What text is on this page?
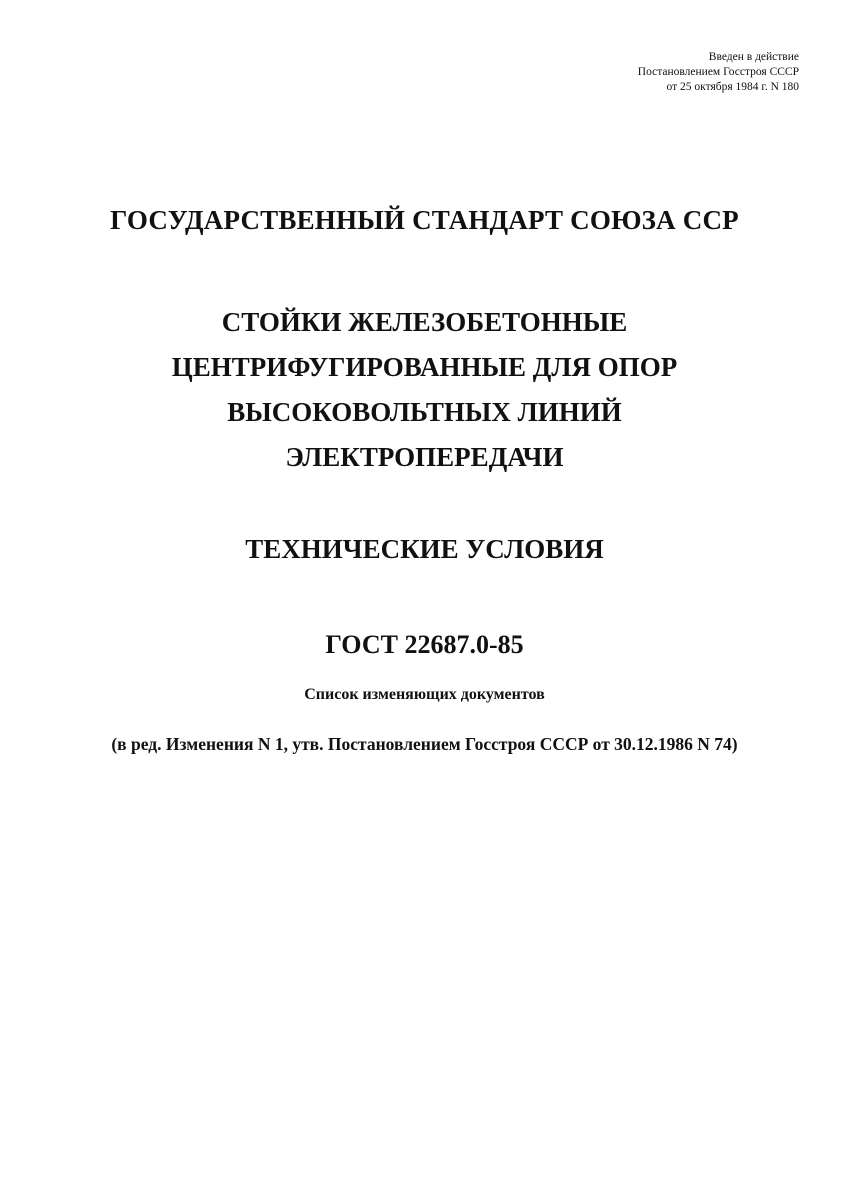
Введен в действие
Постановлением Госстроя СССР
от 25 октября 1984 г. N 180
ГОСУДАРСТВЕННЫЙ СТАНДАРТ СОЮЗА ССР
СТОЙКИ ЖЕЛЕЗОБЕТОННЫЕ
ЦЕНТРИФУГИРОВАННЫЕ ДЛЯ ОПОР
ВЫСОКОВОЛЬТНЫХ ЛИНИЙ
ЭЛЕКТРОПЕРЕДАЧИ
ТЕХНИЧЕСКИЕ УСЛОВИЯ
ГОСТ 22687.0-85
Список изменяющих документов
(в ред. Изменения N 1, утв. Постановлением Госстроя СССР от 30.12.1986 N 74)
